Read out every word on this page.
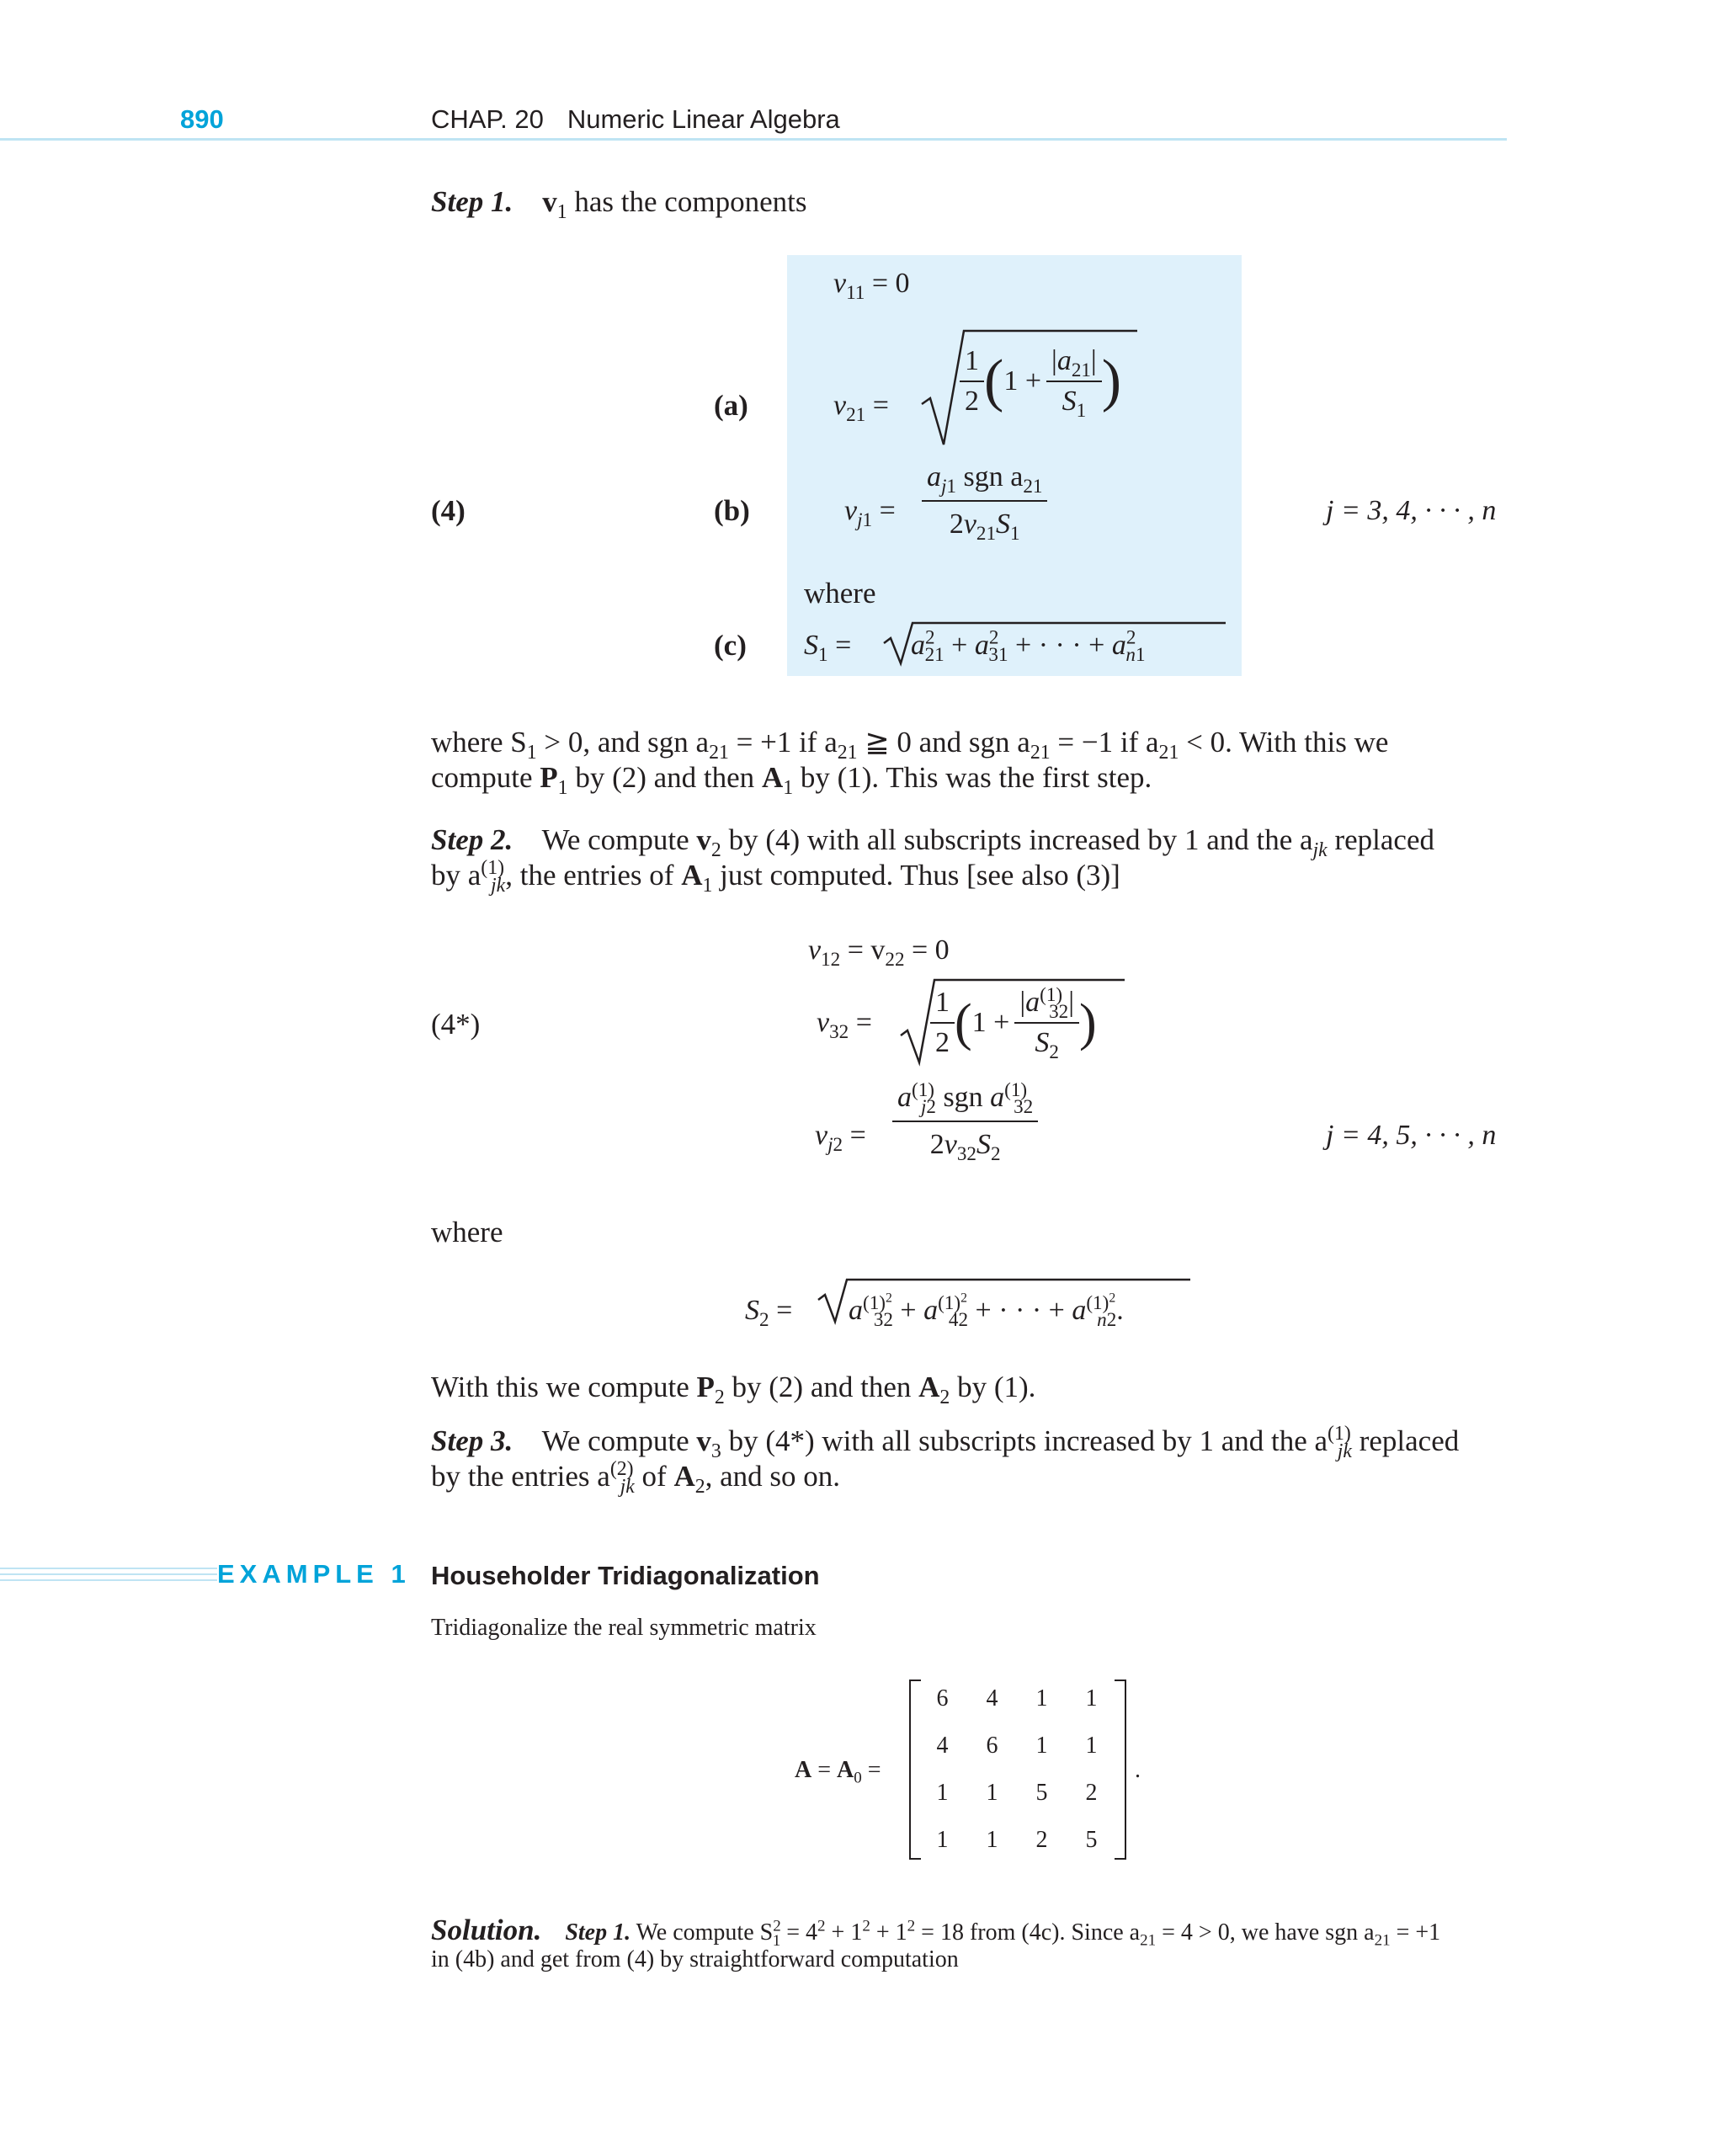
890	CHAP. 20 Numeric Linear Algebra
Step 1. $v_1$ has the components
(4)
(a)
(b)
(c)
$v_{11} = 0$
$v_{21} = \frac{1}{2}$ ( $1 + \frac{|a_{21}|}{S_1}$ )
$v_{j1} = \frac{a_{j1} sgn a_{21}}{2v_{21}S_1}$	j = 3, 4, · · · , n
where
$S_1 = a^2_{21} + a^2_{31}$ + · · · + $a^2_{n1}$
where $S_1 > 0$, and sgn $a_{21} = +1$ if $a_{21}$ ≧ 0 and sgn $a_{21} = -1$ if $a_{21} < 0$. With this we
compute $P_1$ by (2) and then $A_1$ by (1). This was the first step.
Step 2. We compute $v_2$ by (4) with all subscripts increased by 1 and the $a_{jk}$ replaced
by $a^{(1)}_{jk}$, the entries of $A_1$ just computed. Thus [see also (3)]
(4*)
$v_{12} = v_{22} = 0$
$v_{32} = \frac{1}{2}$ ( $1 + \frac{|a^{(1)}_{32}|}{S_2}$ )
$v_{j2} = \frac{a^{(1)}_{j2} sgn a^{(1)}_{32}}{2v_{32}S_2}$	j = 4, 5, · · · , n
where
$S_2 = a^{(1)^2}_{32} + a^{(1)^2}_{42}$ + · · · + $a^{(1)^2}_{n2}$.
With this we compute $P_2$ by (2) and then $A_2$ by (1).
Step 3. We compute $v_3$ by (4*) with all subscripts increased by 1 and the $a^{(1)}_{jk}$ replaced
by the entries $a^{(2)}_{jk}$ of $A_2$, and so on.
EXAMPLE 1 Householder Tridiagonalization
Tridiagonalize the real symmetric matrix
$A = A_0$ =	.
6	4	1	1
4	6	1	1
1	1	5	2
1	1	2	5
Solution. Step 1. We compute $S^2_1 = 4^2 + 1^2 + 1^2 = 18$ from (4c). Since $a_{21} = 4 > 0$, we have sgn $a_{21} = +1$
in (4b) and get from (4) by straightforward computation
